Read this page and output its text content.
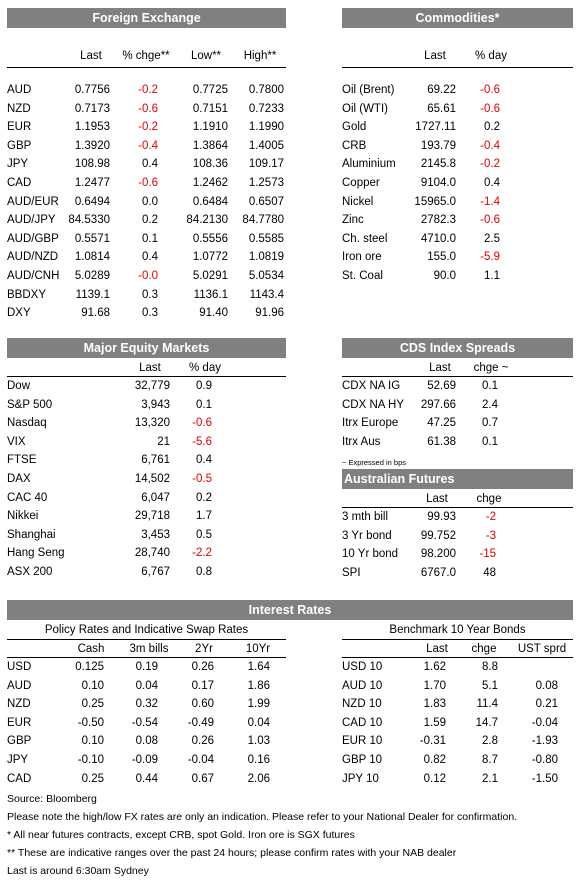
Foreign Exchange
Last	% chge**	Low**	High**
AUD	0.7756	-0.2	0.7725	0.7800
NZD	0.7173	-0.6	0.7151	0.7233
EUR	1.1953	-0.2	1.1910	1.1990
GBP	1.3920	-0.4	1.3864	1.4005
JPY	108.98	0.4	108.36	109.17
CAD	1.2477	-0.6	1.2462	1.2573
AUD/EUR	0.6494	0.0	0.6484	0.6507
AUD/JPY	84.5330	0.2	84.2130	84.7780
AUD/GBP	0.5571	0.1	0.5556	0.5585
AUD/NZD	1.0814	0.4	1.0772	1.0819
AUD/CNH	5.0289	-0.0	5.0291	5.0534
BBDXY	1139.1	0.3	1136.1	1143.4
DXY	91.68	0.3	91.40	91.96
Commodities*
Last	% day
Oil (Brent)	69.22	-0.6
Oil (WTI)	65.61	-0.6
Gold	1727.11	0.2
CRB	193.79	-0.4
Aluminium	2145.8	-0.2
Copper	9104.0	0.4
Nickel	15965.0	-1.4
Zinc	2782.3	-0.6
Ch. steel	4710.0	2.5
Iron ore	155.0	-5.9
St. Coal	90.0	1.1
Major Equity Markets
Last	% day
Dow	32,779	0.9
S&P 500	3,943	0.1
Nasdaq	13,320	-0.6
VIX	21	-5.6
FTSE	6,761	0.4
DAX	14,502	-0.5
CAC 40	6,047	0.2
Nikkei	29,718	1.7
Shanghai	3,453	0.5
Hang Seng	28,740	-2.2
ASX 200	6,767	0.8
CDS Index Spreads
Last	chge ~
CDX NA IG	52.69	0.1
CDX NA HY	297.66	2.4
Itrx Europe	47.25	0.7
Itrx Aus	61.38	0.1
~ Expressed in bps
Australian Futures
Last	chge
3 mth bill	99.93	-2
3 Yr bond	99.752	-3
10 Yr bond	98.200	-15
SPI	6767.0	48
Interest Rates
Policy Rates and Indicative Swap Rates	Benchmark 10 Year Bonds
Cash	3m bills	2Yr	10Yr
USD	0.125	0.19	0.26	1.64
AUD	0.10	0.04	0.17	1.86
NZD	0.25	0.32	0.60	1.99
EUR	-0.50	-0.54	-0.49	0.04
GBP	0.10	0.08	0.26	1.03
JPY	-0.10	-0.09	-0.04	0.16
CAD	0.25	0.44	0.67	2.06
Last	chge	UST sprd
USD 10	1.62	8.8
AUD 10	1.70	5.1	0.08
NZD 10	1.83	11.4	0.21
CAD 10	1.59	14.7	-0.04
EUR 10	-0.31	2.8	-1.93
GBP 10	0.82	8.7	-0.80
JPY 10	0.12	2.1	-1.50
Source: Bloomberg
Please note the high/low FX rates are only an indication. Please refer to your National Dealer for confirmation.
* All near futures contracts, except CRB, spot Gold. Iron ore is SGX futures
** These are indicative ranges over the past 24 hours; please confirm rates with your NAB dealer
Last is around 6:30am Sydney
